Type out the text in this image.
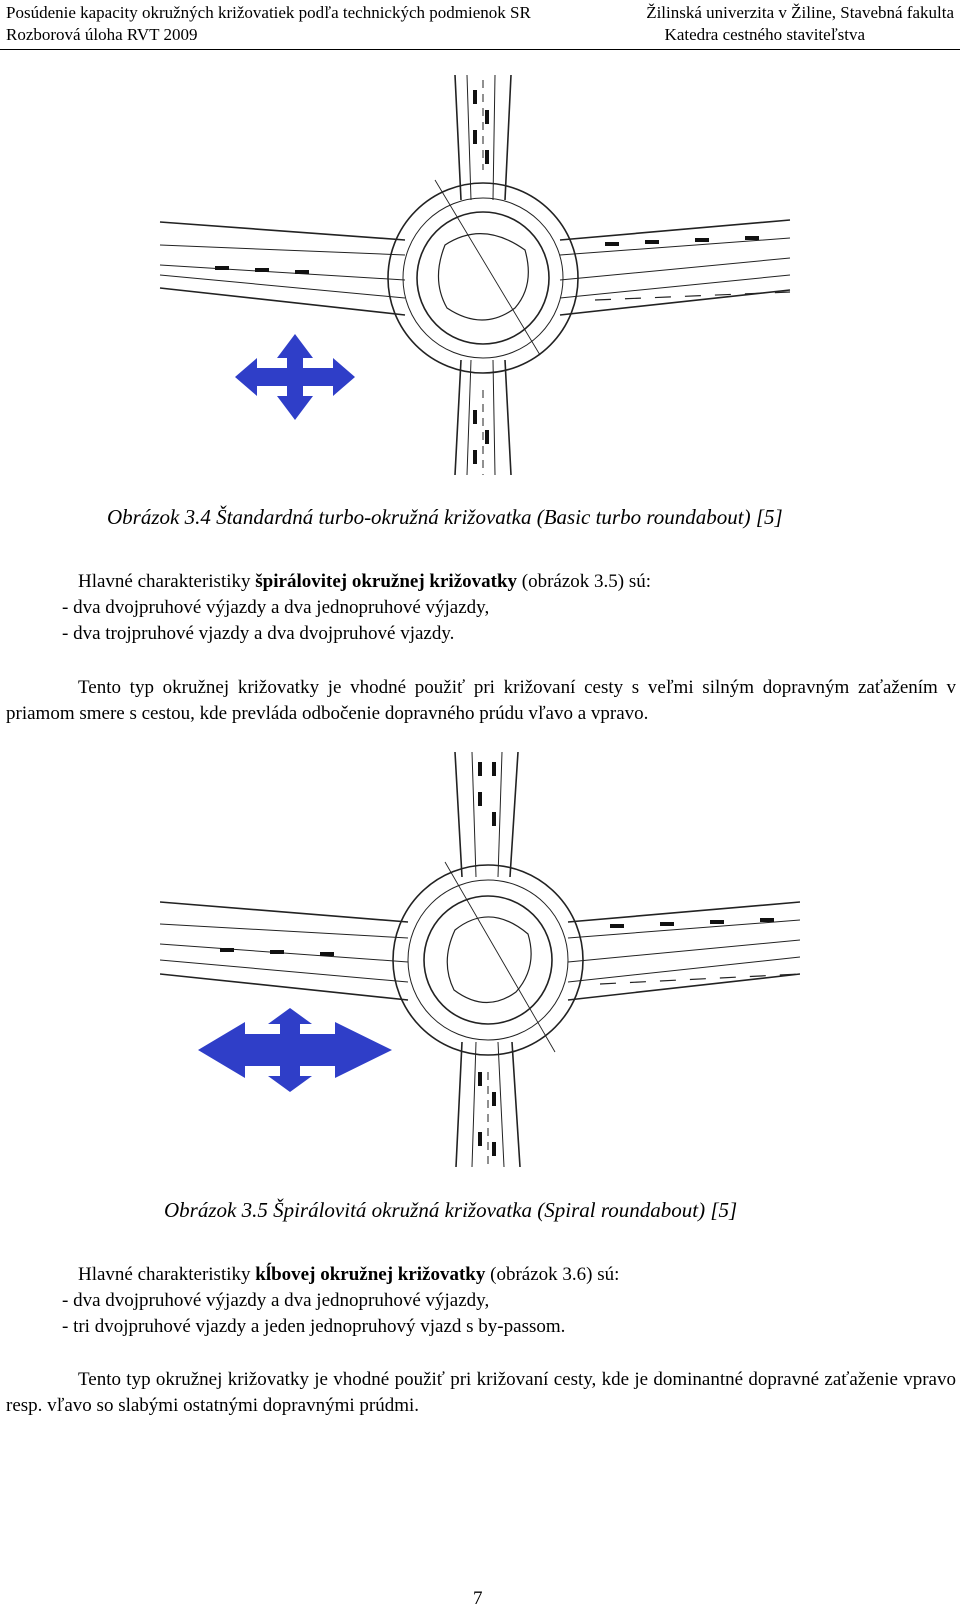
Posúdenie kapacity okružných križovatiek podľa technických podmienok SR
Rozborová úloha RVT 2009
Žilinská univerzita v Žiline, Stavebná fakulta
Katedra cestného staviteľstva
Obrázok 3.4 Štandardná turbo-okružná križovatka (Basic turbo roundabout) [5]
Hlavné charakteristiky špirálovitej okružnej križovatky (obrázok 3.5) sú:
- dva dvojpruhové výjazdy a dva jednopruhové výjazdy,
- dva trojpruhové vjazdy a dva dvojpruhové vjazdy.
Tento typ okružnej križovatky je vhodné použiť pri križovaní cesty s veľmi silným dopravným zaťažením v priamom smere s cestou, kde prevláda odbočenie dopravného prúdu vľavo a vpravo.
Obrázok 3.5 Špirálovitá okružná križovatka (Spiral roundabout) [5]
Hlavné charakteristiky kĺbovej okružnej križovatky (obrázok 3.6) sú:
- dva dvojpruhové výjazdy a dva jednopruhové výjazdy,
- tri dvojpruhové vjazdy a jeden jednopruhový vjazd s by-passom.
Tento typ okružnej križovatky je vhodné použiť pri križovaní cesty, kde je dominantné dopravné zaťaženie vpravo resp. vľavo so slabými ostatnými dopravnými prúdmi.
7
